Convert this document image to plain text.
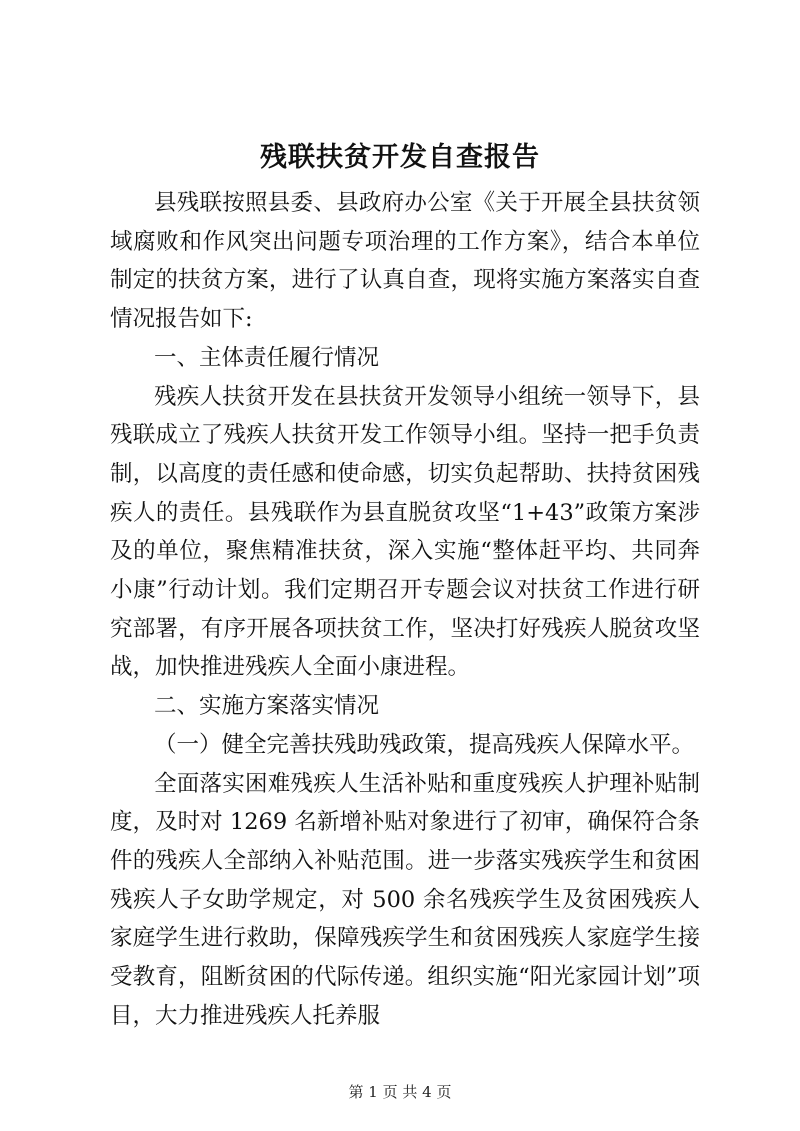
残联扶贫开发自查报告

县残联按照县委、县政府办公室《关于开展全县扶贫领域腐败和作风突出问题专项治理的工作方案》，结合本单位制定的扶贫方案，进行了认真自查，现将实施方案落实自查情况报告如下:

一、主体责任履行情况

残疾人扶贫开发在县扶贫开发领导小组统一领导下，县残联成立了残疾人扶贫开发工作领导小组。坚持一把手负责制，以高度的责任感和使命感，切实负起帮助、扶持贫困残疾人的责任。县残联作为县直脱贫攻坚“1+43”政策方案涉及的单位，聚焦精准扶贫，深入实施“整体赶平均、共同奔小康”行动计划。我们定期召开专题会议对扶贫工作进行研究部署，有序开展各项扶贫工作，坚决打好残疾人脱贫攻坚战，加快推进残疾人全面小康进程。

二、实施方案落实情况

（一）健全完善扶残助残政策，提高残疾人保障水平。

全面落实困难残疾人生活补贴和重度残疾人护理补贴制度，及时对 1269 名新增补贴对象进行了初审，确保符合条件的残疾人全部纳入补贴范围。进一步落实残疾学生和贫困残疾人子女助学规定，对 500 余名残疾学生及贫困残疾人家庭学生进行救助，保障残疾学生和贫困残疾人家庭学生接受教育，阻断贫困的代际传递。组织实施“阳光家园计划”项目，大力推进残疾人托养服

第 1 页 共 4 页
